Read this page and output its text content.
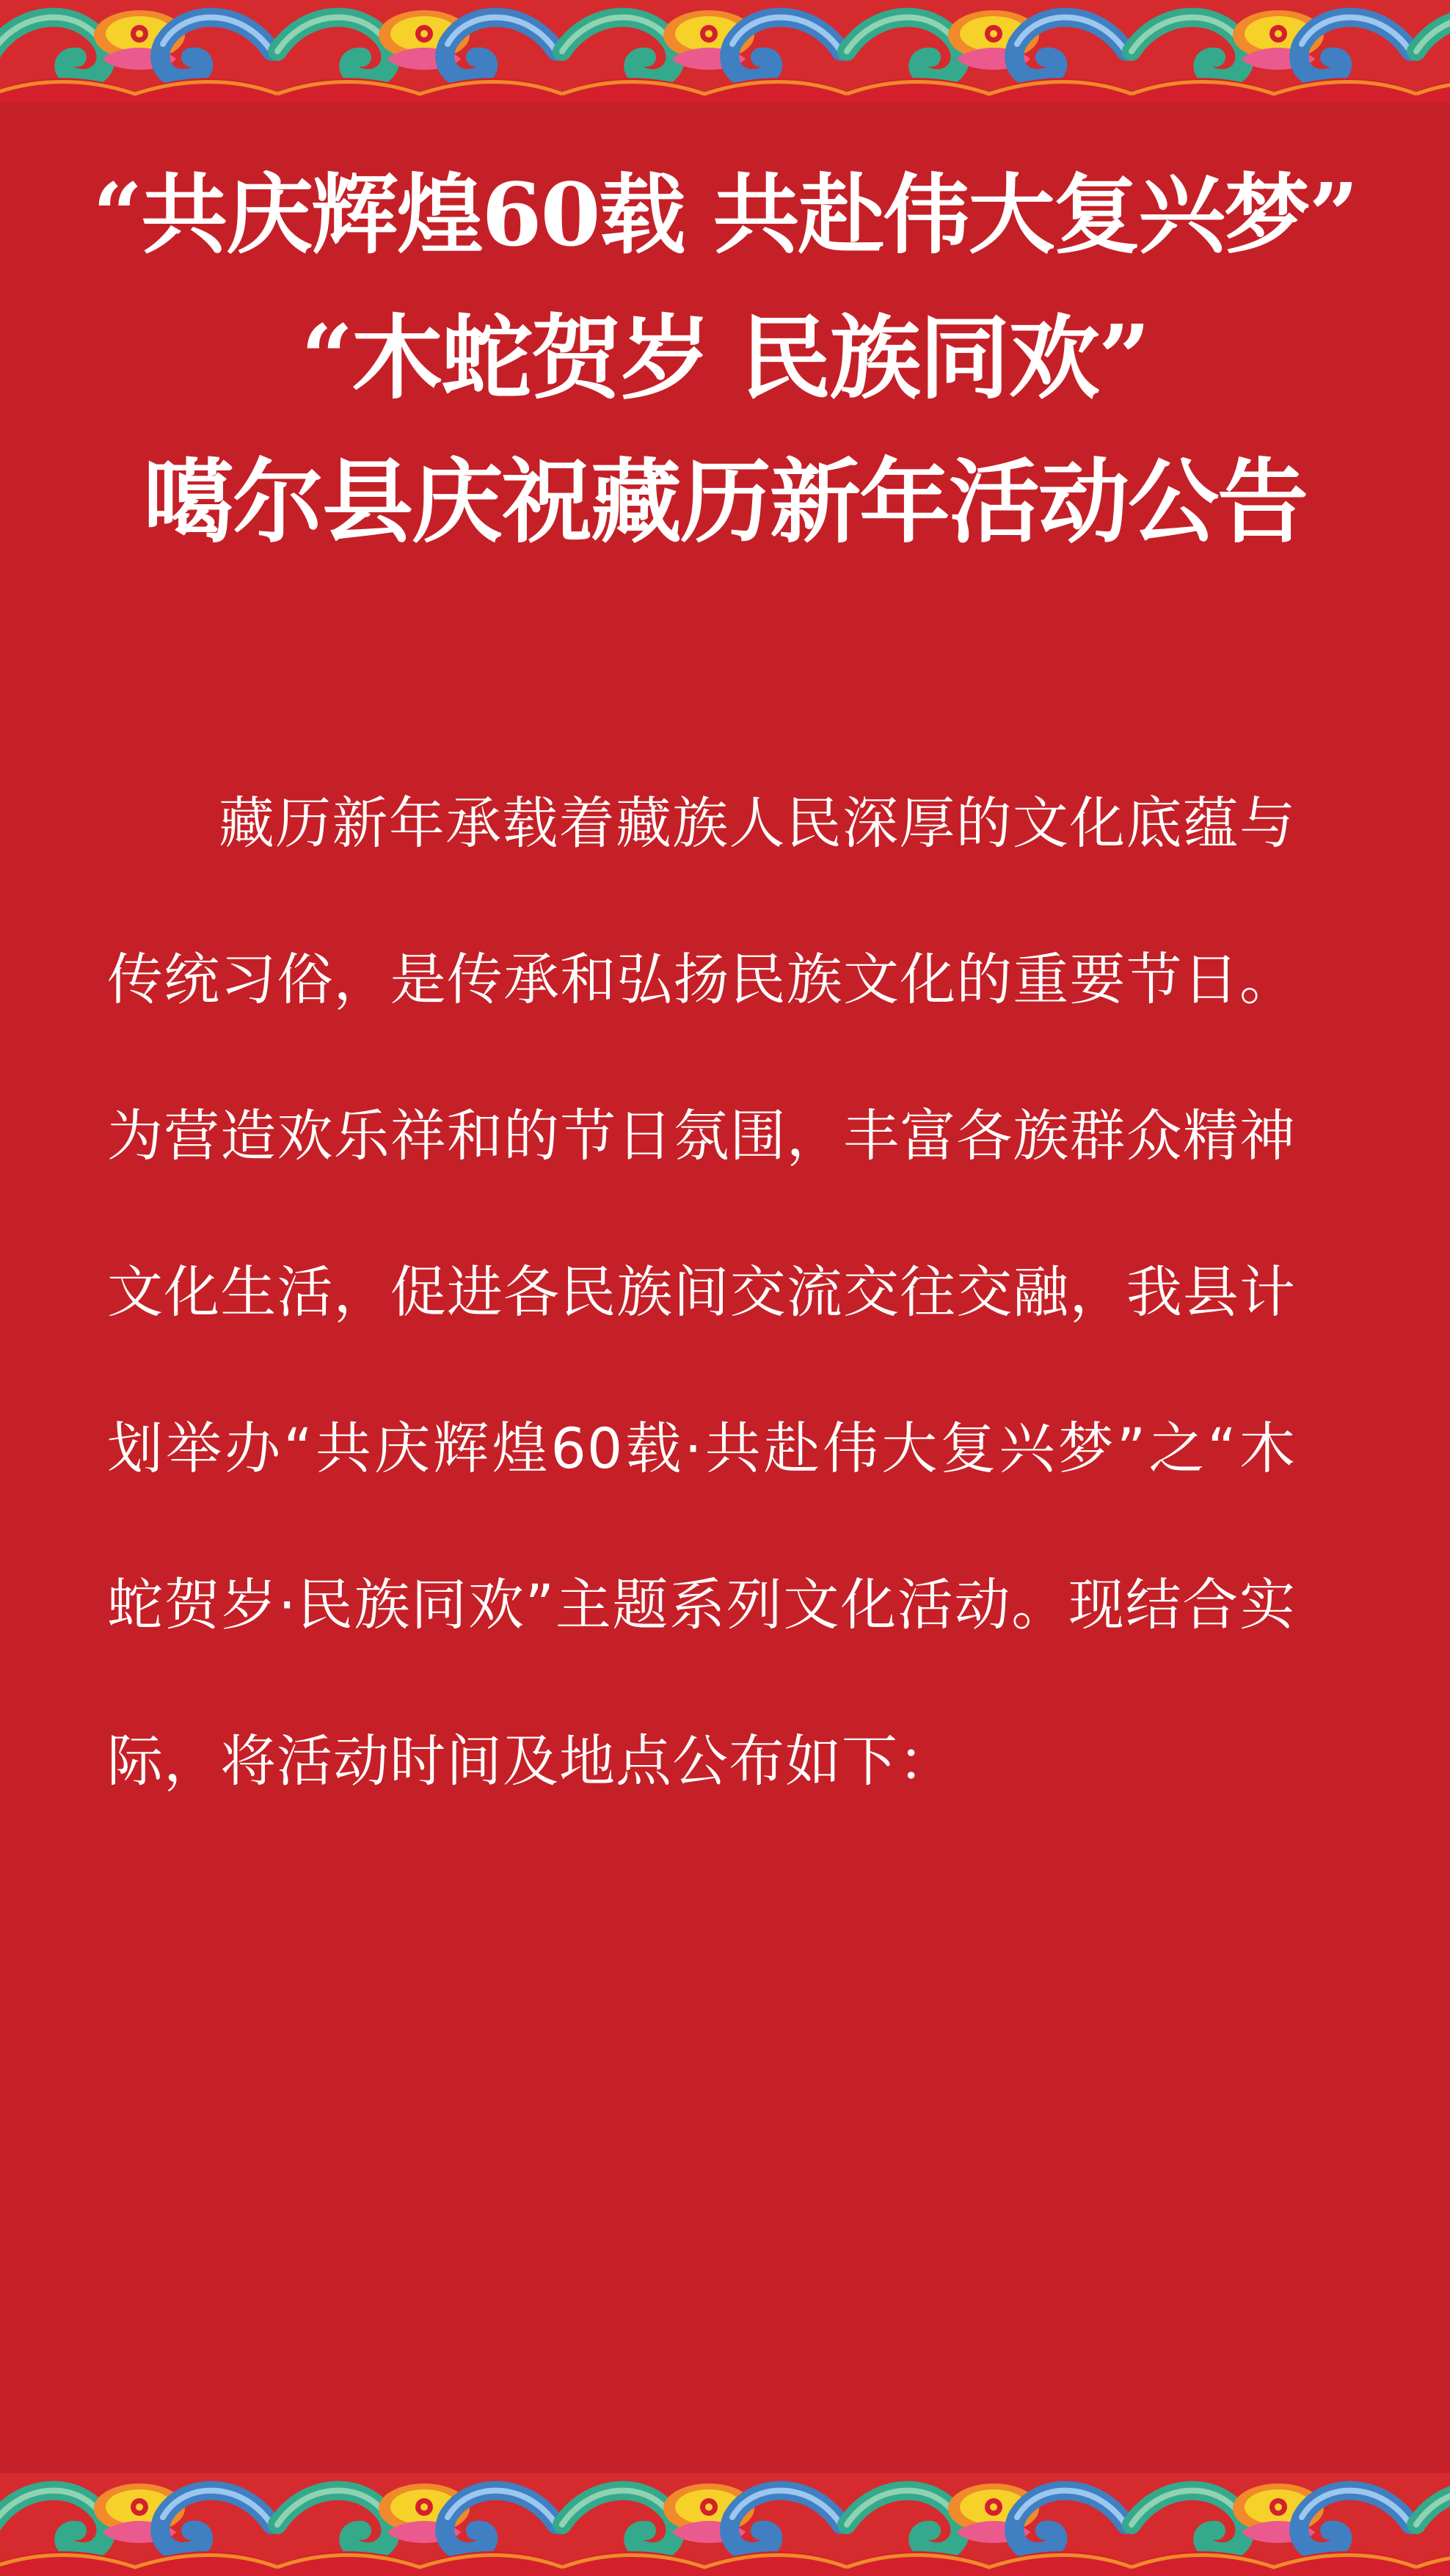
“共庆辉煌60载 共赴伟大复兴梦”
“木蛇贺岁 民族同欢”
噶尔县庆祝藏历新年活动公告
藏历新年承载着藏族人民深厚的文化底蕴与传统习俗，是传承和弘扬民族文化的重要节日。为营造欢乐祥和的节日氛围，丰富各族群众精神文化生活，促进各民族间交流交往交融，我县计划举办“共庆辉煌60载·共赴伟大复兴梦”之“木蛇贺岁·民族同欢”主题系列文化活动。现结合实际，将活动时间及地点公布如下：
